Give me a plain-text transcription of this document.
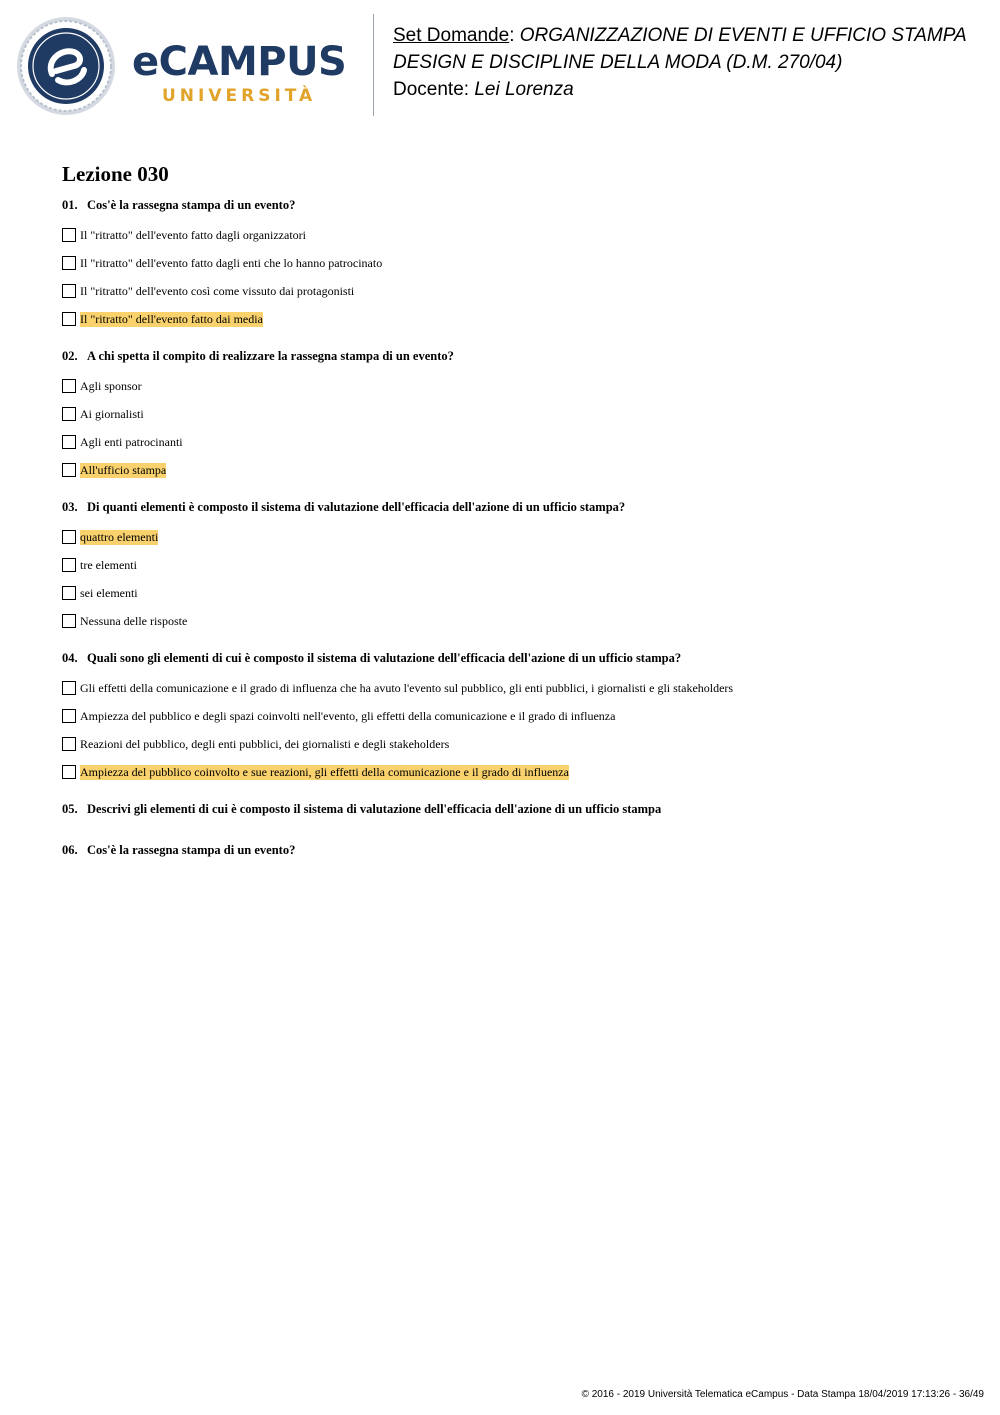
eCAMPUS
UNIVERSITÀ
Set Domande: ORGANIZZAZIONE DI EVENTI E UFFICIO STAMPA
DESIGN E DISCIPLINE DELLA MODA (D.M. 270/04)
Docente: Lei Lorenza
Lezione 030
01. Cos'è la rassegna stampa di un evento?
Il "ritratto" dell'evento fatto dagli organizzatori
Il "ritratto" dell'evento fatto dagli enti che lo hanno patrocinato
Il "ritratto" dell'evento così come vissuto dai protagonisti
Il "ritratto" dell'evento fatto dai media
02. A chi spetta il compito di realizzare la rassegna stampa di un evento?
Agli sponsor
Ai giornalisti
Agli enti patrocinanti
All'ufficio stampa
03. Di quanti elementi è composto il sistema di valutazione dell'efficacia dell'azione di un ufficio stampa?
quattro elementi
tre elementi
sei elementi
Nessuna delle risposte
04. Quali sono gli elementi di cui è composto il sistema di valutazione dell'efficacia dell'azione di un ufficio stampa?
Gli effetti della comunicazione e il grado di influenza che ha avuto l'evento sul pubblico, gli enti pubblici, i giornalisti e gli stakeholders
Ampiezza del pubblico e degli spazi coinvolti nell'evento, gli effetti della comunicazione e il grado di influenza
Reazioni del pubblico, degli enti pubblici, dei giornalisti e degli stakeholders
Ampiezza del pubblico coinvolto e sue reazioni, gli effetti della comunicazione e il grado di influenza
05. Descrivi gli elementi di cui è composto il sistema di valutazione dell'efficacia dell'azione di un ufficio stampa
06. Cos'è la rassegna stampa di un evento?
© 2016 - 2019 Università Telematica eCampus - Data Stampa 18/04/2019 17:13:26 - 36/49
